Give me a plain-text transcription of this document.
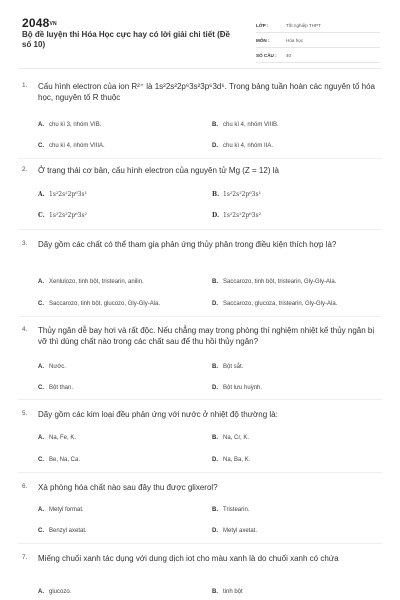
$2048^{VN}$
Bộ đề luyện thi Hóa Học cực hay có lời giải chi tiết (Đề số 10)
LỚP :	Tốt nghiệp THPT
MÔN :	Hóa học
SỐ CÂU :	40
1. Cấu hình electron của ion R²⁺ là 1s²2s²2p⁶3s²3p⁶3d⁶. Trong bảng tuần hoàn các nguyên tố hóa học, nguyên tố R thuộc
A. chu kì 3, nhóm VIB.	B. chu kì 4, nhóm VIIIB.
C. chu kì 4, nhóm VIIIA.	D. chu kì 4, nhóm IIA.
2. Ở trạng thái cơ bản, cấu hình electron của nguyên tử Mg (Z = 12) là
A. 1s²2s²2p⁶3s¹	B. 1s²2s²2p⁶3s¹
C. 1s²2s²2p⁶3s²	D. 1s²2s²2p⁶3s²
3. Dãy gồm các chất có thể tham gia phản ứng thủy phân trong điều kiện thích hợp là?
A. Xenlulozo, tinh bột, tristearin, anilin.	B. Saccarozo, tinh bột, tristearin, Gly-Gly-Ala.
C. Saccarozo, tinh bột, glucozo, Gly-Gly-Ala.	D. Saccarozo, glucoza, tristearin, Gly-Gly-Ala.
4. Thủy ngân dễ bay hơi và rất độc. Nếu chẳng may trong phòng thí nghiệm nhiệt kế thủy ngân bị vỡ thì dùng chất nào trong các chất sau để thu hồi thủy ngân?
A. Nước.	B. Bột sắt.
C. Bột than.	D. Bột lưu huỳnh.
5. Dãy gồm các kim loại đều phản ứng với nước ở nhiệt độ thường là:
A. Na, Fe, K.	B. Na, Cr, K.
C. Be, Na, Ca.	D. Na, Ba, K.
6. Xà phòng hóa chất nào sau đây thu được glixerol?
A. Metyl format.	B. Tristearin.
C. Benzyl axetat.	D. Metyl axetat.
7. Miếng chuối xanh tác dụng với dung dịch iot cho màu xanh là do chuối xanh có chứa
A. glucozo.	B. tinh bột
